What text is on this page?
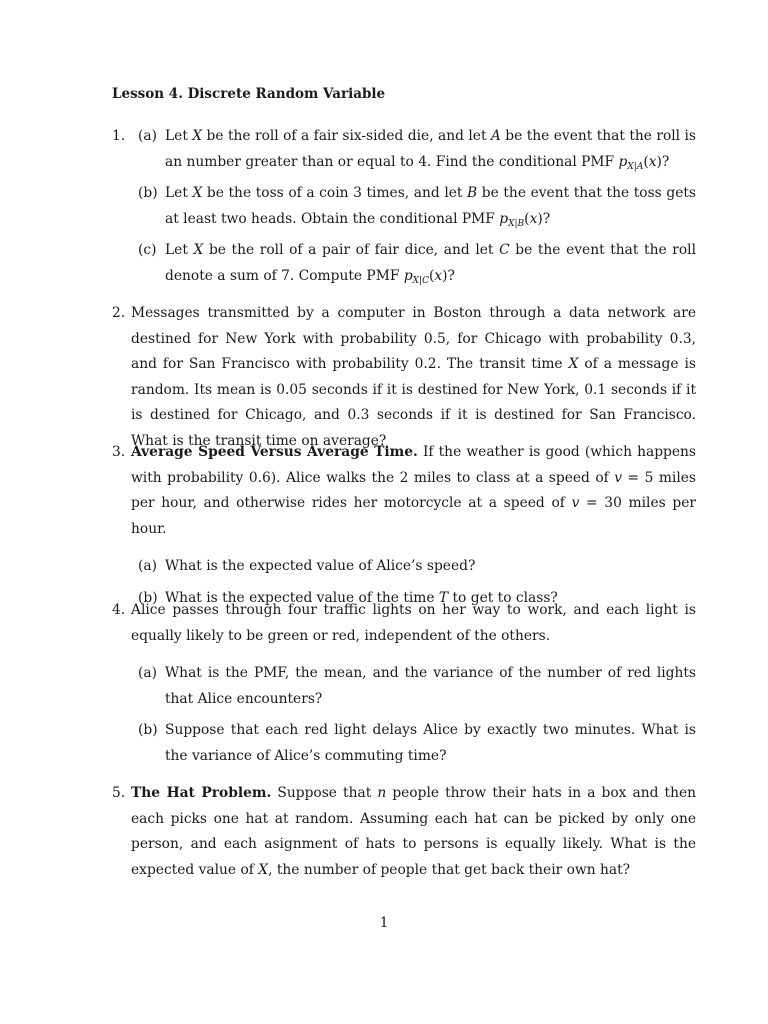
Lesson 4. Discrete Random Variable
1. (a) Let X be the roll of a fair six-sided die, and let A be the event that the roll is an number greater than or equal to 4. Find the conditional PMF $p_{X|A}(x)$?
(b) Let X be the toss of a coin 3 times, and let B be the event that the toss gets at least two heads. Obtain the conditional PMF $p_{X|B}(x)$?
(c) Let X be the roll of a pair of fair dice, and let C be the event that the roll denote a sum of 7. Compute PMF $p_{X|C}(x)$?
2. Messages transmitted by a computer in Boston through a data network are destined for New York with probability 0.5, for Chicago with probability 0.3, and for San Francisco with probability 0.2. The transit time X of a message is random. Its mean is 0.05 seconds if it is destined for New York, 0.1 seconds if it is destined for Chicago, and 0.3 seconds if it is destined for San Francisco. What is the transit time on average?
3. Average Speed Versus Average Time. If the weather is good (which happens with probability 0.6). Alice walks the 2 miles to class at a speed of v = 5 miles per hour, and otherwise rides her motorcycle at a speed of v = 30 miles per hour.
(a) What is the expected value of Alice’s speed?
(b) What is the expected value of the time T to get to class?
4. Alice passes through four traffic lights on her way to work, and each light is equally likely to be green or red, independent of the others.
(a) What is the PMF, the mean, and the variance of the number of red lights that Alice encounters?
(b) Suppose that each red light delays Alice by exactly two minutes. What is the variance of Alice’s commuting time?
5. The Hat Problem. Suppose that n people throw their hats in a box and then each picks one hat at random. Assuming each hat can be picked by only one person, and each asignment of hats to persons is equally likely. What is the expected value of X, the number of people that get back their own hat?
1
